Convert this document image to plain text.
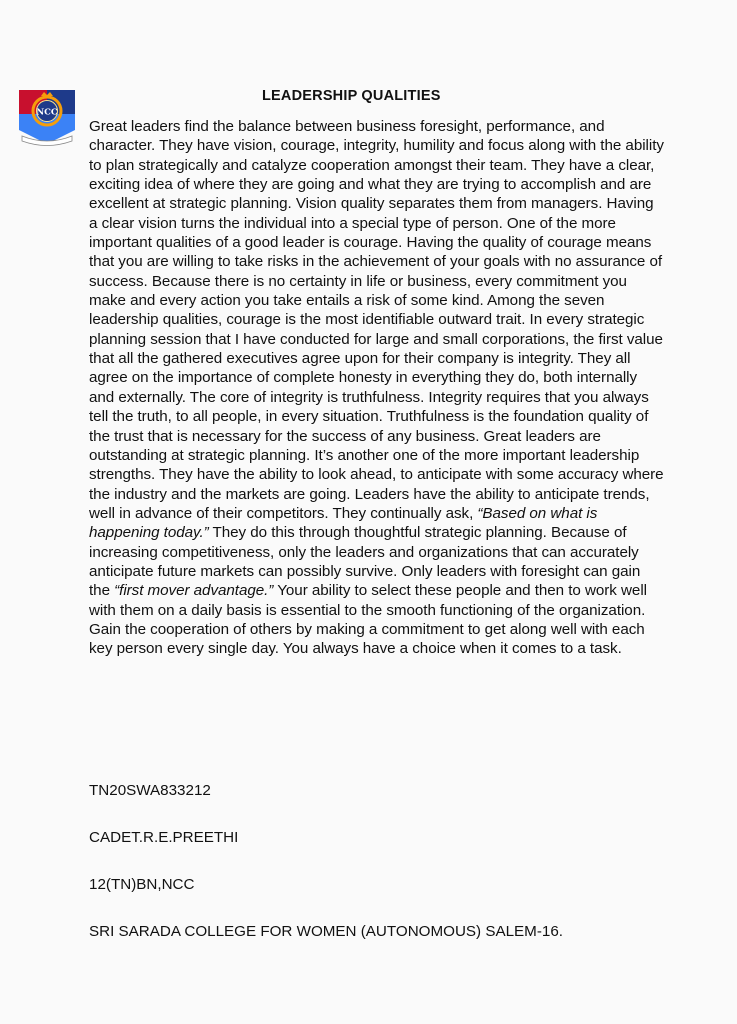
NCC
LEADERSHIP QUALITIES

Great leaders find the balance between business foresight, performance, and character. They have vision, courage, integrity, humility and focus along with the ability to plan strategically and catalyze cooperation amongst their team. They have a clear, exciting idea of where they are going and what they are trying to accomplish and are excellent at strategic planning. Vision quality separates them from managers. Having a clear vision turns the individual into a special type of person. One of the more important qualities of a good leader is courage. Having the quality of courage means that you are willing to take risks in the achievement of your goals with no assurance of success. Because there is no certainty in life or business, every commitment you make and every action you take entails a risk of some kind. Among the seven leadership qualities, courage is the most identifiable outward trait. In every strategic planning session that I have conducted for large and small corporations, the first value that all the gathered executives agree upon for their company is integrity. They all agree on the importance of complete honesty in everything they do, both internally and externally. The core of integrity is truthfulness. Integrity requires that you always tell the truth, to all people, in every situation. Truthfulness is the foundation quality of the trust that is necessary for the success of any business. Great leaders are outstanding at strategic planning. It’s another one of the more important leadership strengths. They have the ability to look ahead, to anticipate with some accuracy where the industry and the markets are going. Leaders have the ability to anticipate trends, well in advance of their competitors. They continually ask, “Based on what is happening today.” They do this through thoughtful strategic planning. Because of increasing competitiveness, only the leaders and organizations that can accurately anticipate future markets can possibly survive. Only leaders with foresight can gain the “first mover advantage.” Your ability to select these people and then to work well with them on a daily basis is essential to the smooth functioning of the organization. Gain the cooperation of others by making a commitment to get along well with each key person every single day. You always have a choice when it comes to a task.

TN20SWA833212
CADET.R.E.PREETHI
12(TN)BN,NCC
SRI SARADA COLLEGE FOR WOMEN (AUTONOMOUS) SALEM-16.
